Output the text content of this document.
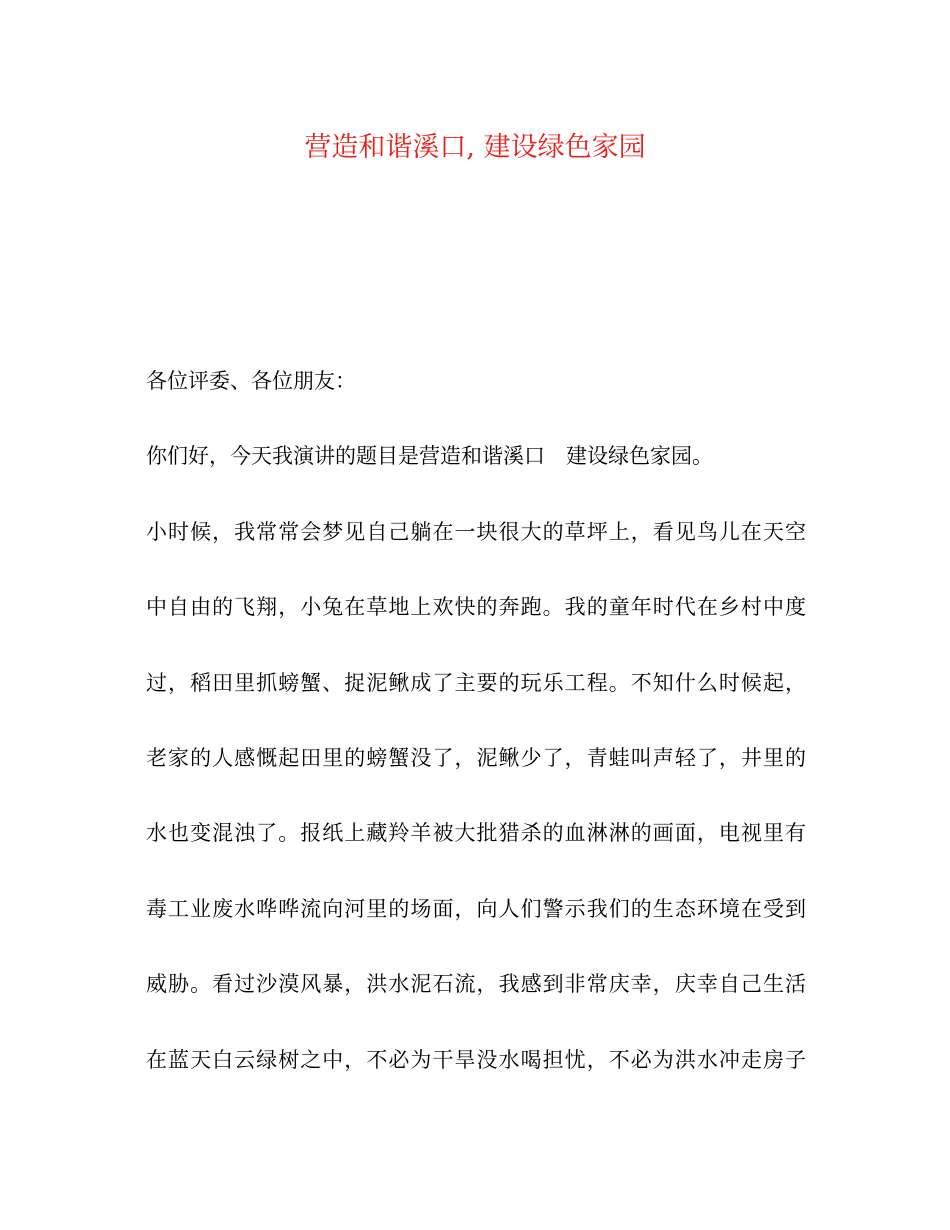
营造和谐溪口, 建设绿色家园
各位评委、各位朋友：
你们好，今天我演讲的题目是营造和谐溪口　建设绿色家园。
小时候，我常常会梦见自己躺在一块很大的草坪上，看见鸟儿在天空
中自由的飞翔，小兔在草地上欢快的奔跑。我的童年时代在乡村中度
过，稻田里抓螃蟹、捉泥鳅成了主要的玩乐工程。不知什么时候起，
老家的人感慨起田里的螃蟹没了，泥鳅少了，青蛙叫声轻了，井里的
水也变混浊了。报纸上藏羚羊被大批猎杀的血淋淋的画面，电视里有
毒工业废水哗哗流向河里的场面，向人们警示我们的生态环境在受到
威胁。看过沙漠风暴，洪水泥石流，我感到非常庆幸，庆幸自己生活
在蓝天白云绿树之中，不必为干旱没水喝担忧，不必为洪水冲走房子
